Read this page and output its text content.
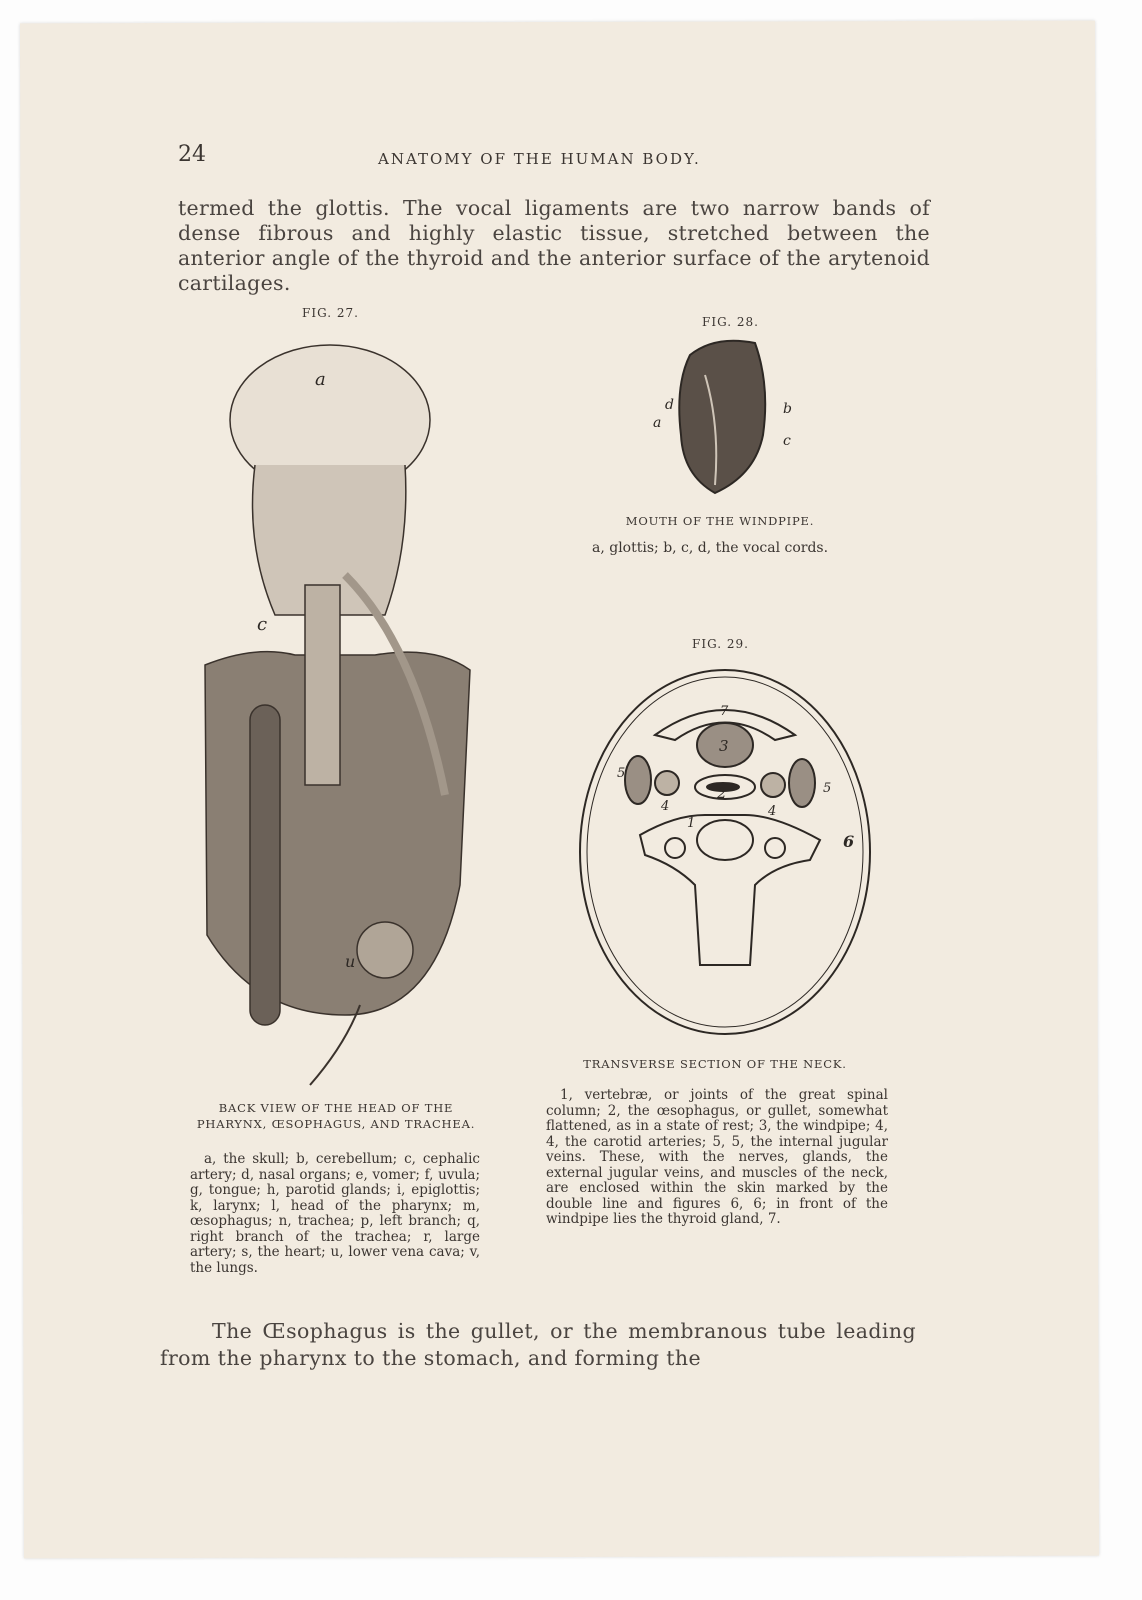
24	ANATOMY OF THE HUMAN BODY.
termed the glottis. The vocal ligaments are two narrow bands of dense fibrous and highly elastic tissue, stretched between the anterior angle of the thyroid and the anterior surface of the arytenoid cartilages.
FIG. 27.
a
c
u
BACK VIEW OF THE HEAD OF THE PHARYNX, ŒSOPHAGUS, AND TRACHEA.
a, the skull; b, cerebellum; c, cephalic artery; d, nasal organs; e, vomer; f, uvula; g, tongue; h, parotid glands; i, epiglottis; k, larynx; l, head of the pharynx; m, œsophagus; n, trachea; p, left branch; q, right branch of the trachea; r, large artery; s, the heart; u, lower vena cava; v, the lungs.
FIG. 28.
a
d	b
c
MOUTH OF THE WINDPIPE.
a, glottis; b, c, d, the vocal cords.
FIG. 29.
7
3
2
5
5
4	4
1
6
TRANSVERSE SECTION OF THE NECK.
1, vertebræ, or joints of the great spinal column; 2, the œsophagus, or gullet, somewhat flattened, as in a state of rest; 3, the windpipe; 4, 4, the carotid arteries; 5, 5, the internal jugular veins. These, with the nerves, glands, the external jugular veins, and muscles of the neck, are enclosed within the skin marked by the double line and figures 6, 6; in front of the windpipe lies the thyroid gland, 7.
The Œsophagus is the gullet, or the membranous tube leading from the pharynx to the stomach, and forming the
